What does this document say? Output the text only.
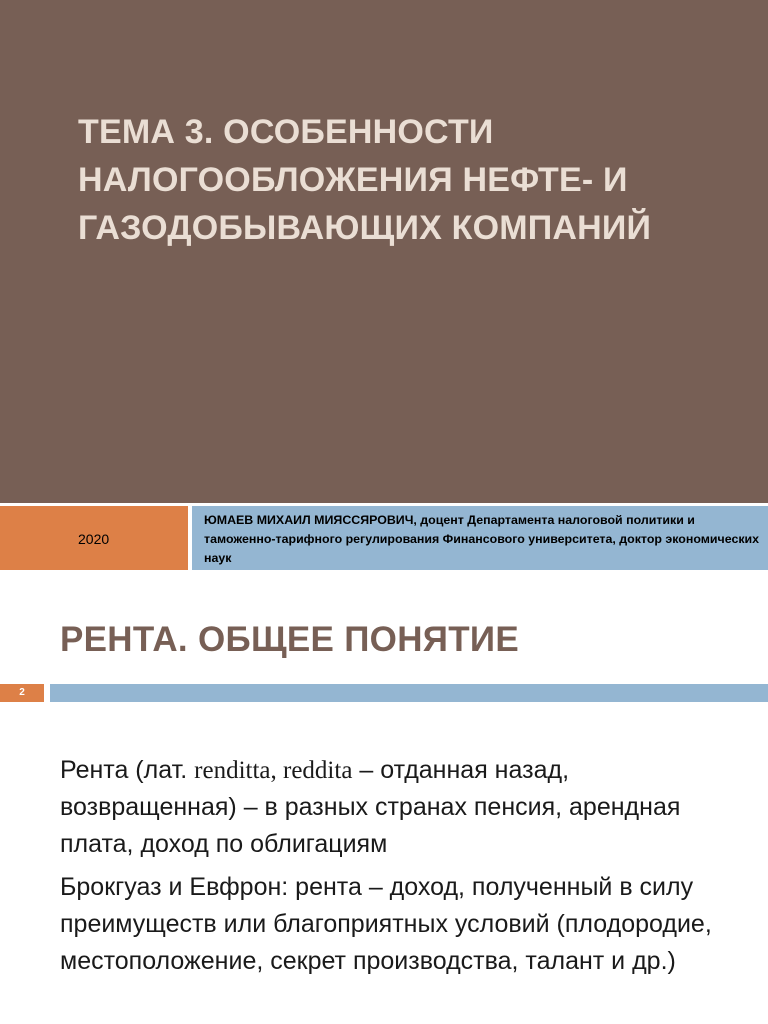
ТЕМА 3. ОСОБЕННОСТИ НАЛОГООБЛОЖЕНИЯ НЕФТЕ- И ГАЗОДОБЫВАЮЩИХ КОМПАНИЙ
2020
ЮМАЕВ МИХАИЛ МИЯССЯРОВИЧ, доцент Департамента налоговой политики и таможенно-тарифного регулирования Финансового университета, доктор экономических наук
РЕНТА. ОБЩЕЕ ПОНЯТИЕ
2

Рента (лат. renditta, reddita – отданная назад, возвращенная) – в разных странах пенсия, арендная плата, доход по облигациям

Брокгуаз и Евфрон: рента – доход, полученный в силу преимуществ или благоприятных условий (плодородие, местоположение, секрет производства, талант и др.)
